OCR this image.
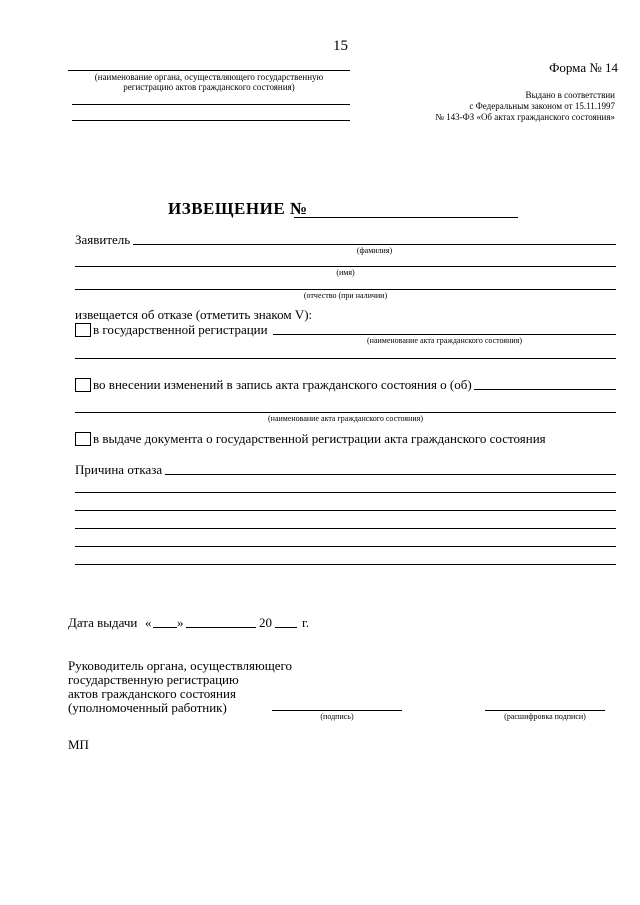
15
(наименование органа, осуществляющего государственную
регистрацию актов гражданского состояния)
Форма № 14
Выдано в соответствии
с Федеральным законом от 15.11.1997
№ 143-ФЗ «Об актах гражданского состояния»
ИЗВЕЩЕНИЕ №
Заявитель
(фамилия)
(имя)
(отчество (при наличии)
извещается об отказе (отметить знаком V):
в государственной регистрации
(наименование акта гражданского состояния)
во внесении изменений в запись акта гражданского состояния о (об)
(наименование акта гражданского состояния)
в выдаче документа о государственной регистрации акта гражданского состояния
Причина отказа
Дата выдачи « »	20 г.
Руководитель органа, осуществляющего
государственную регистрацию
актов гражданского состояния
(уполномоченный работник)
(подпись)	(расшифровка подписи)
МП
